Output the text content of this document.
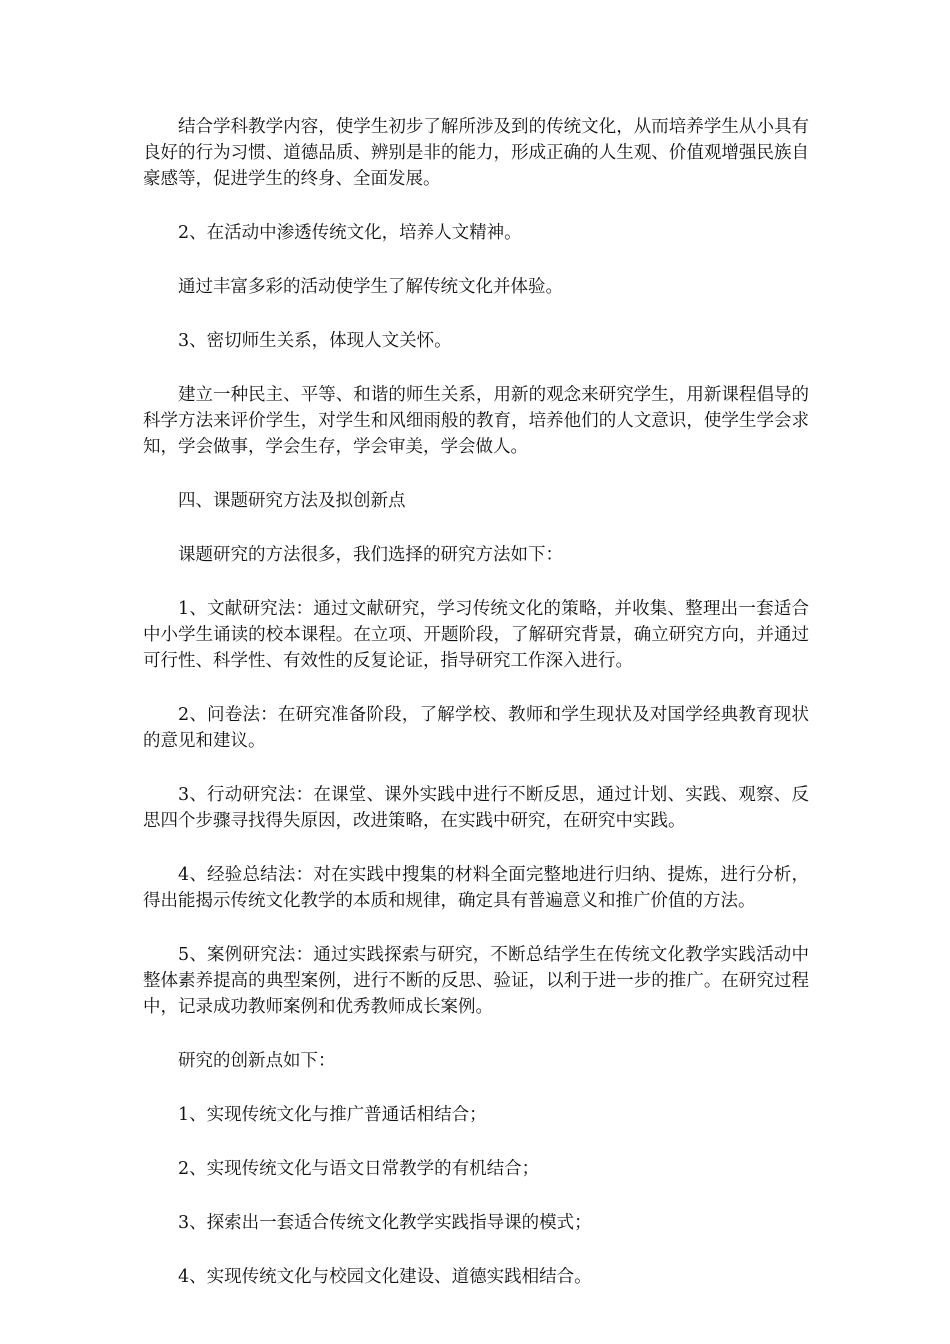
结合学科教学内容，使学生初步了解所涉及到的传统文化，从而培养学生从小具有良好的行为习惯、道德品质、辨别是非的能力，形成正确的人生观、价值观增强民族自豪感等，促进学生的终身、全面发展。

2、在活动中渗透传统文化，培养人文精神。

通过丰富多彩的活动使学生了解传统文化并体验。

3、密切师生关系，体现人文关怀。

建立一种民主、平等、和谐的师生关系，用新的观念来研究学生，用新课程倡导的科学方法来评价学生，对学生和风细雨般的教育，培养他们的人文意识，使学生学会求知，学会做事，学会生存，学会审美，学会做人。

四、课题研究方法及拟创新点

课题研究的方法很多，我们选择的研究方法如下：

1、文献研究法：通过文献研究，学习传统文化的策略，并收集、整理出一套适合中小学生诵读的校本课程。在立项、开题阶段，了解研究背景，确立研究方向，并通过可行性、科学性、有效性的反复论证，指导研究工作深入进行。

2、问卷法：在研究准备阶段，了解学校、教师和学生现状及对国学经典教育现状的意见和建议。

3、行动研究法：在课堂、课外实践中进行不断反思，通过计划、实践、观察、反思四个步骤寻找得失原因，改进策略，在实践中研究，在研究中实践。

4、经验总结法：对在实践中搜集的材料全面完整地进行归纳、提炼，进行分析，得出能揭示传统文化教学的本质和规律，确定具有普遍意义和推广价值的方法。

5、案例研究法：通过实践探索与研究，不断总结学生在传统文化教学实践活动中整体素养提高的典型案例，进行不断的反思、验证，以利于进一步的推广。在研究过程中，记录成功教师案例和优秀教师成长案例。

研究的创新点如下：

1、实现传统文化与推广普通话相结合；

2、实现传统文化与语文日常教学的有机结合；

3、探索出一套适合传统文化教学实践指导课的模式；

4、实现传统文化与校园文化建设、道德实践相结合。
